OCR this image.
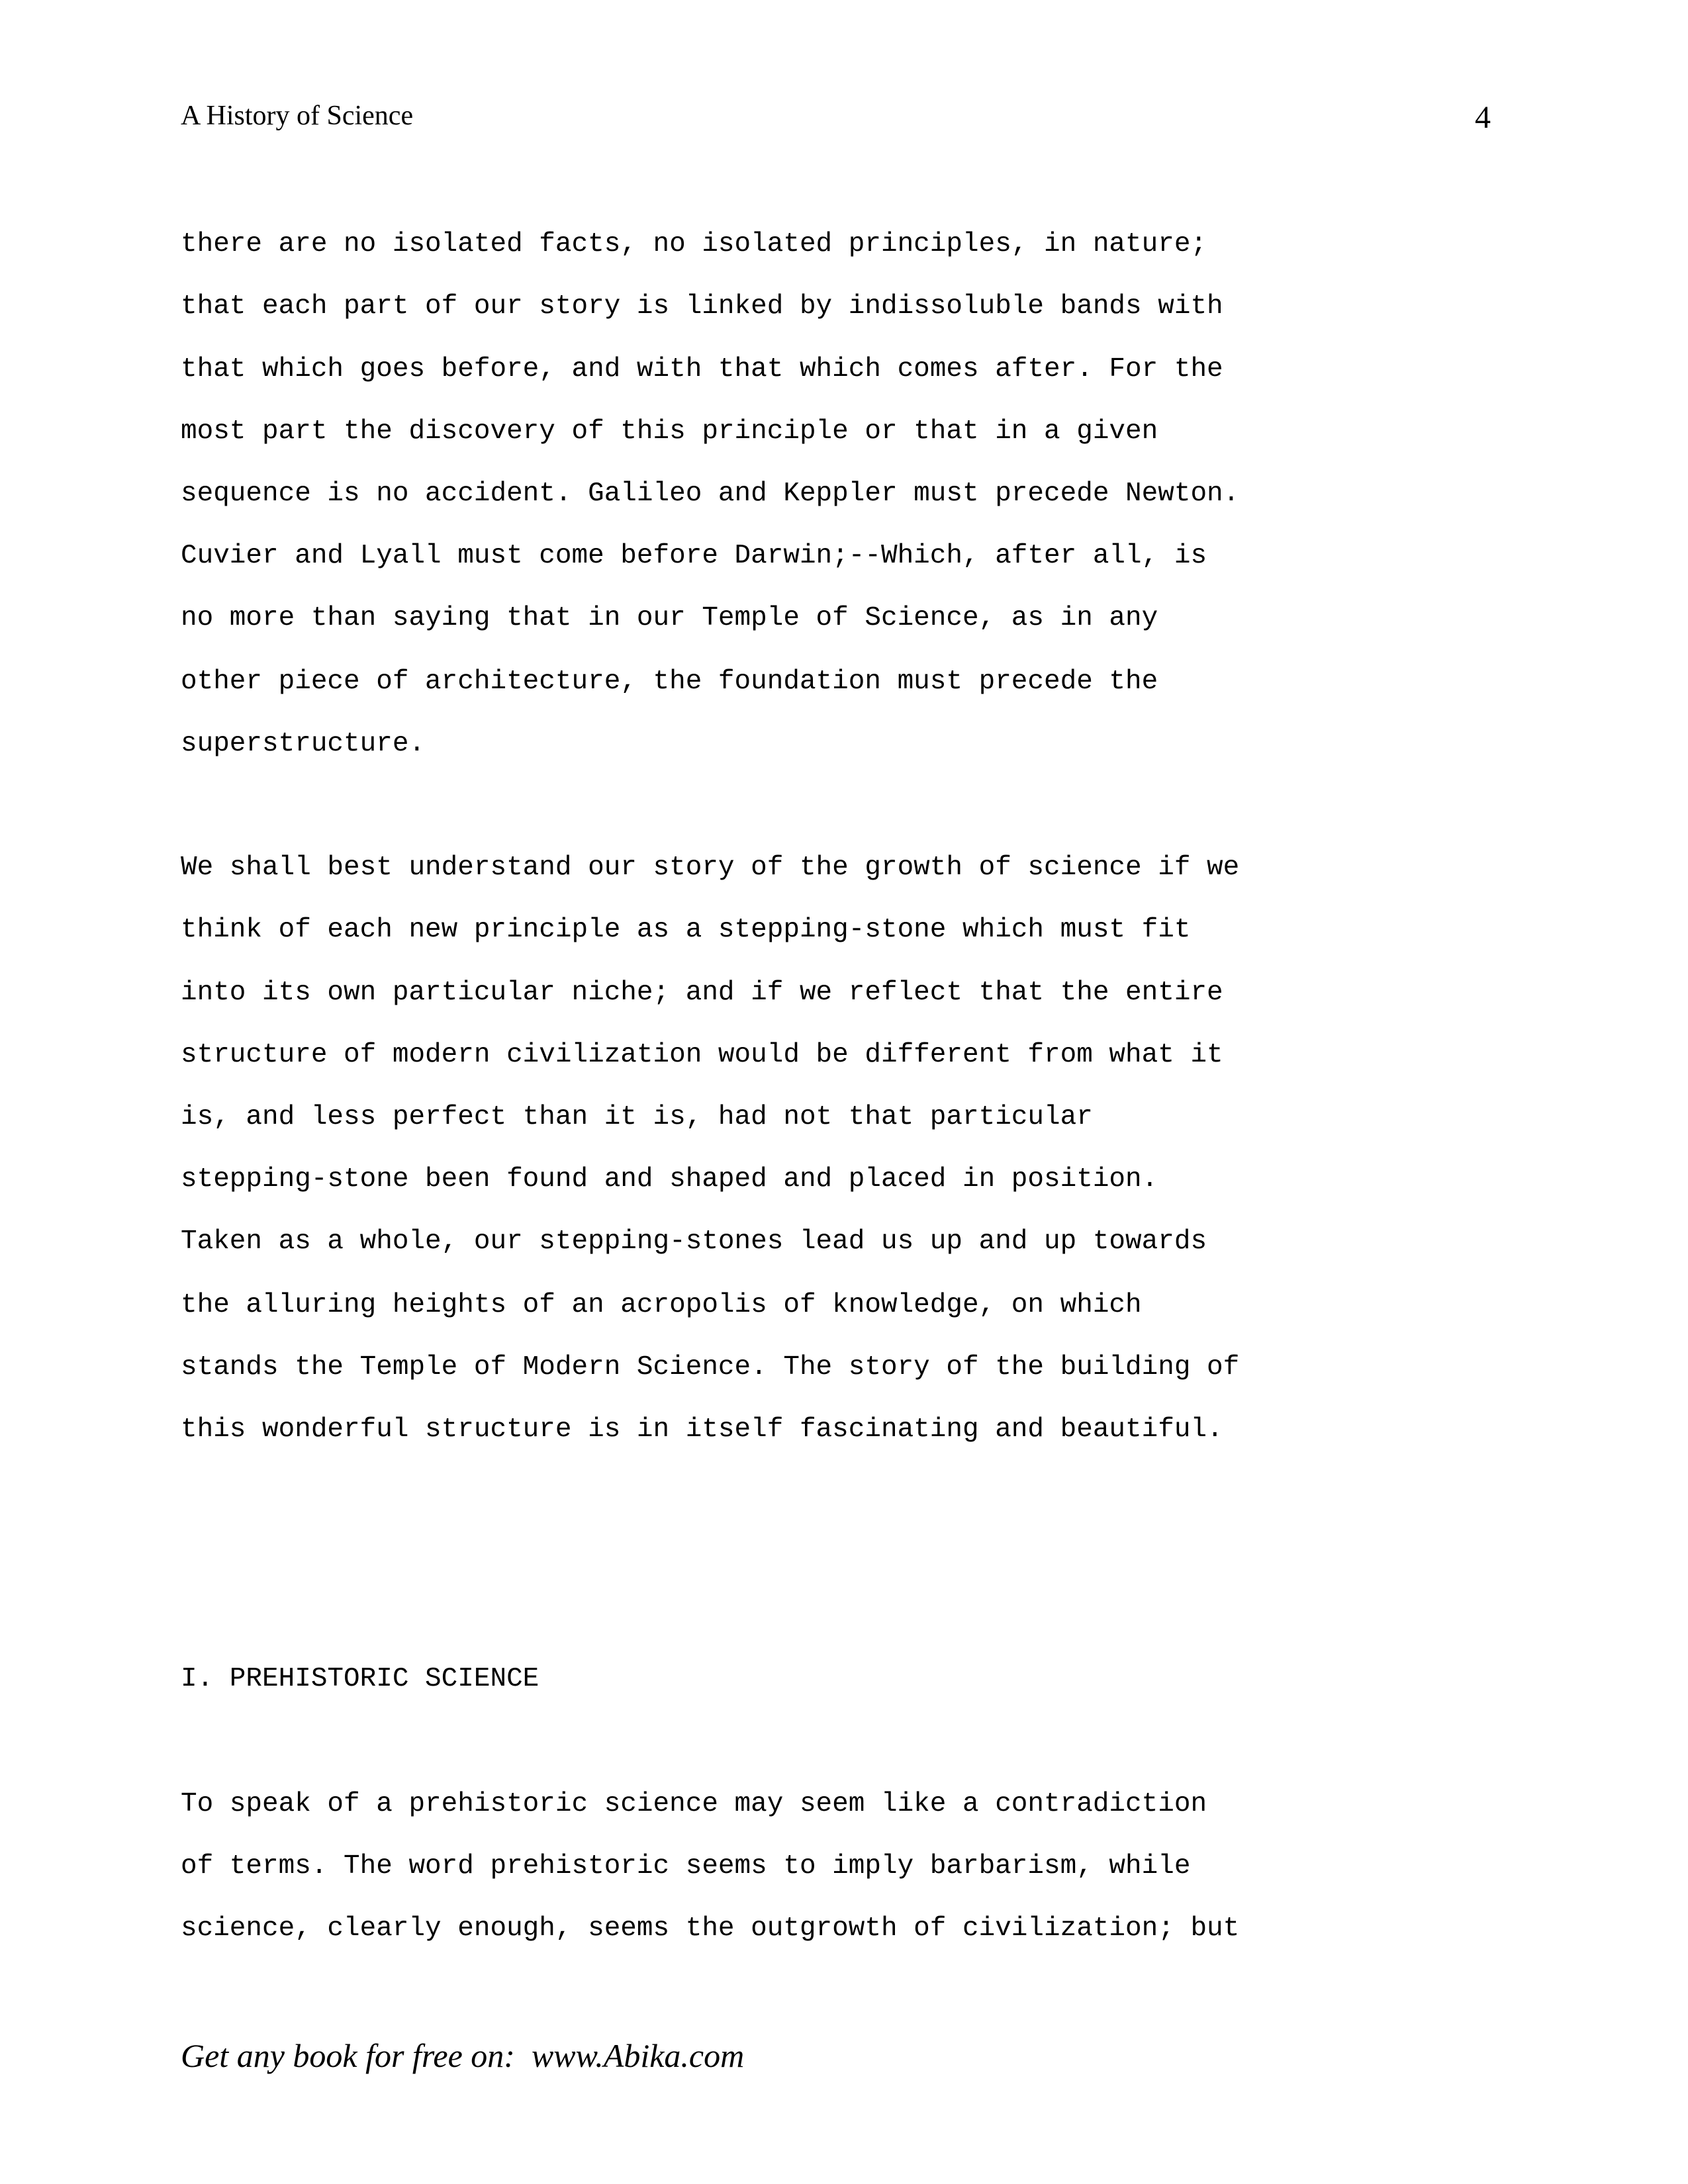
A History of Science	4
there are no isolated facts, no isolated principles, in nature;
that each part of our story is linked by indissoluble bands with
that which goes before, and with that which comes after. For the
most part the discovery of this principle or that in a given
sequence is no accident. Galileo and Keppler must precede Newton.
Cuvier and Lyall must come before Darwin;--Which, after all, is
no more than saying that in our Temple of Science, as in any
other piece of architecture, the foundation must precede the
superstructure.
We shall best understand our story of the growth of science if we
think of each new principle as a stepping-stone which must fit
into its own particular niche; and if we reflect that the entire
structure of modern civilization would be different from what it
is, and less perfect than it is, had not that particular
stepping-stone been found and shaped and placed in position.
Taken as a whole, our stepping-stones lead us up and up towards
the alluring heights of an acropolis of knowledge, on which
stands the Temple of Modern Science. The story of the building of
this wonderful structure is in itself fascinating and beautiful.
I. PREHISTORIC SCIENCE
To speak of a prehistoric science may seem like a contradiction
of terms. The word prehistoric seems to imply barbarism, while
science, clearly enough, seems the outgrowth of civilization; but
Get any book for free on:  www.Abika.com
